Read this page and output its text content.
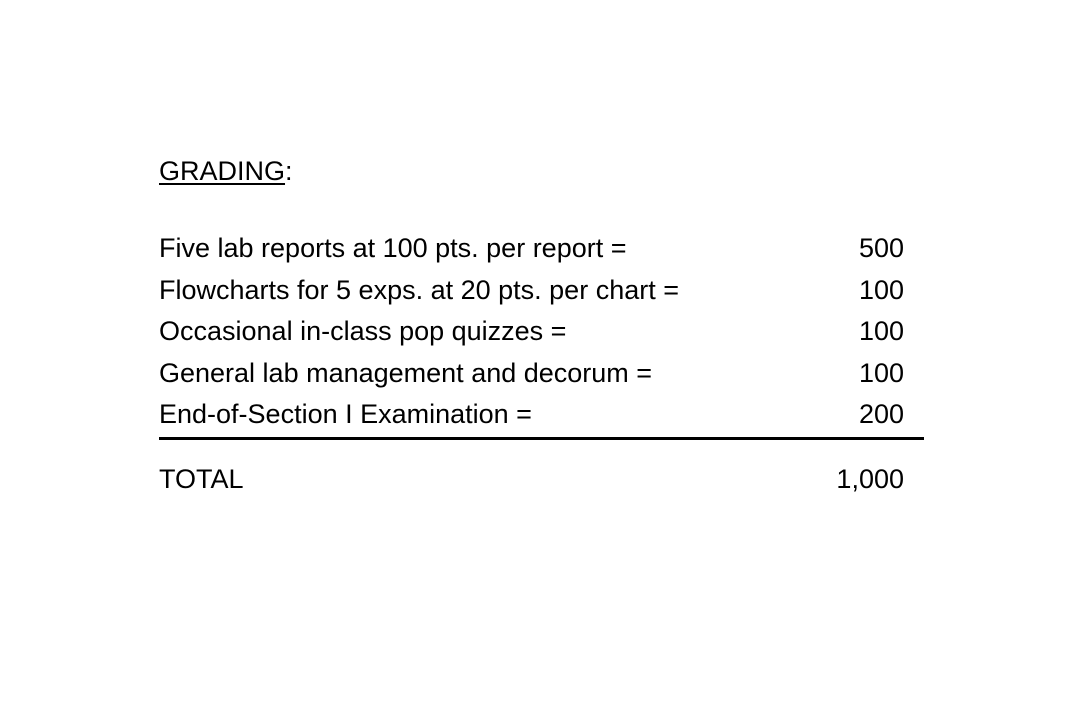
GRADING:
Five lab reports at 100 pts. per report =	500
Flowcharts for 5 exps. at 20 pts. per chart =	100
Occasional in-class pop quizzes =	100
General lab management and decorum =	100
End-of-Section I Examination =	200
TOTAL	1,000
